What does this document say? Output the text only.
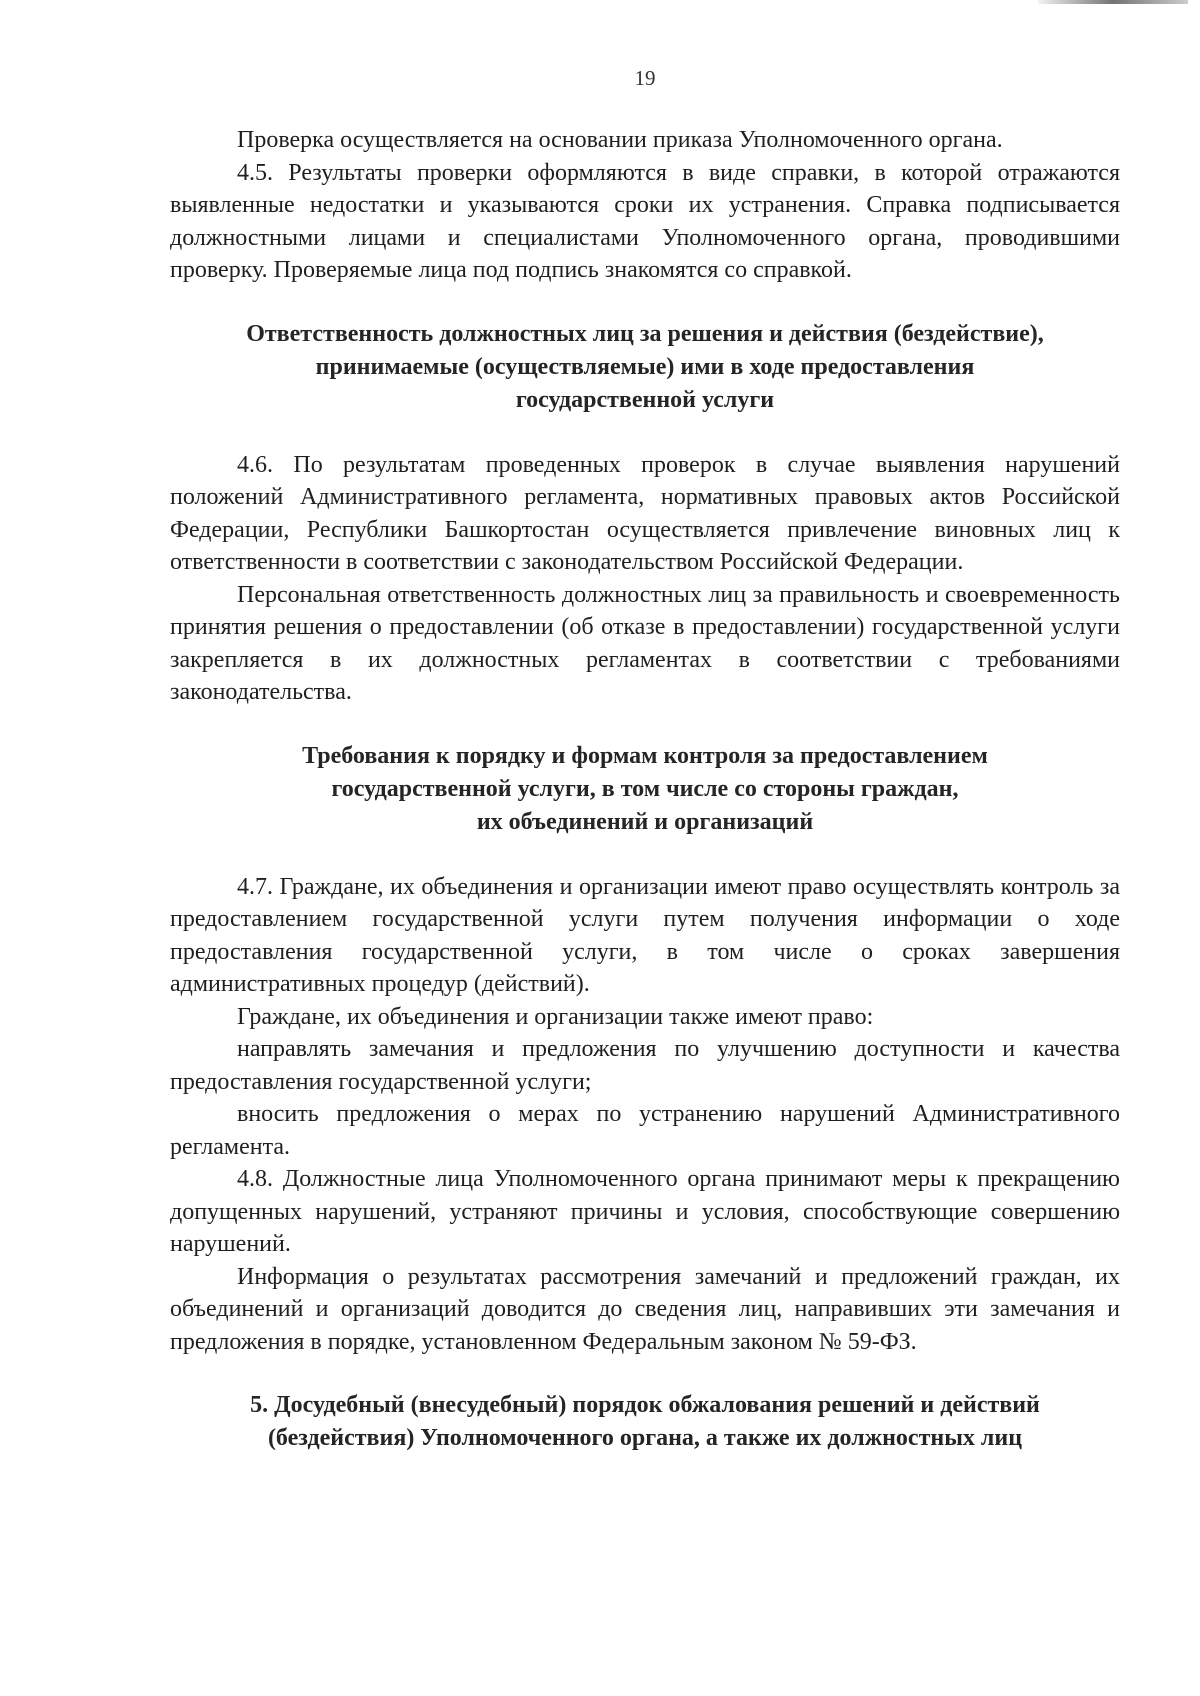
19

Проверка осуществляется на основании приказа Уполномоченного органа.

4.5. Результаты проверки оформляются в виде справки, в которой отражаются выявленные недостатки и указываются сроки их устранения. Справка подписывается должностными лицами и специалистами Уполномоченного органа, проводившими проверку. Проверяемые лица под подпись знакомятся со справкой.

Ответственность должностных лиц за решения и действия (бездействие),
принимаемые (осуществляемые) ими в ходе предоставления
государственной услуги

4.6. По результатам проведенных проверок в случае выявления нарушений положений Административного регламента, нормативных правовых актов Российской Федерации, Республики Башкортостан осуществляется привлечение виновных лиц к ответственности в соответствии с законодательством Российской Федерации.

Персональная ответственность должностных лиц за правильность и своевременность принятия решения о предоставлении (об отказе в предоставлении) государственной услуги закрепляется в их должностных регламентах в соответствии с требованиями законодательства.

Требования к порядку и формам контроля за предоставлением
государственной услуги, в том числе со стороны граждан,
их объединений и организаций

4.7. Граждане, их объединения и организации имеют право осуществлять контроль за предоставлением государственной услуги путем получения информации о ходе предоставления государственной услуги, в том числе о сроках завершения административных процедур (действий).

Граждане, их объединения и организации также имеют право:

направлять замечания и предложения по улучшению доступности и качества предоставления государственной услуги;

вносить предложения о мерах по устранению нарушений Административного регламента.

4.8. Должностные лица Уполномоченного органа принимают меры к прекращению допущенных нарушений, устраняют причины и условия, способствующие совершению нарушений.

Информация о результатах рассмотрения замечаний и предложений граждан, их объединений и организаций доводится до сведения лиц, направивших эти замечания и предложения в порядке, установленном Федеральным законом № 59-ФЗ.

5. Досудебный (внесудебный) порядок обжалования решений и действий
(бездействия) Уполномоченного органа, а также их должностных лиц
